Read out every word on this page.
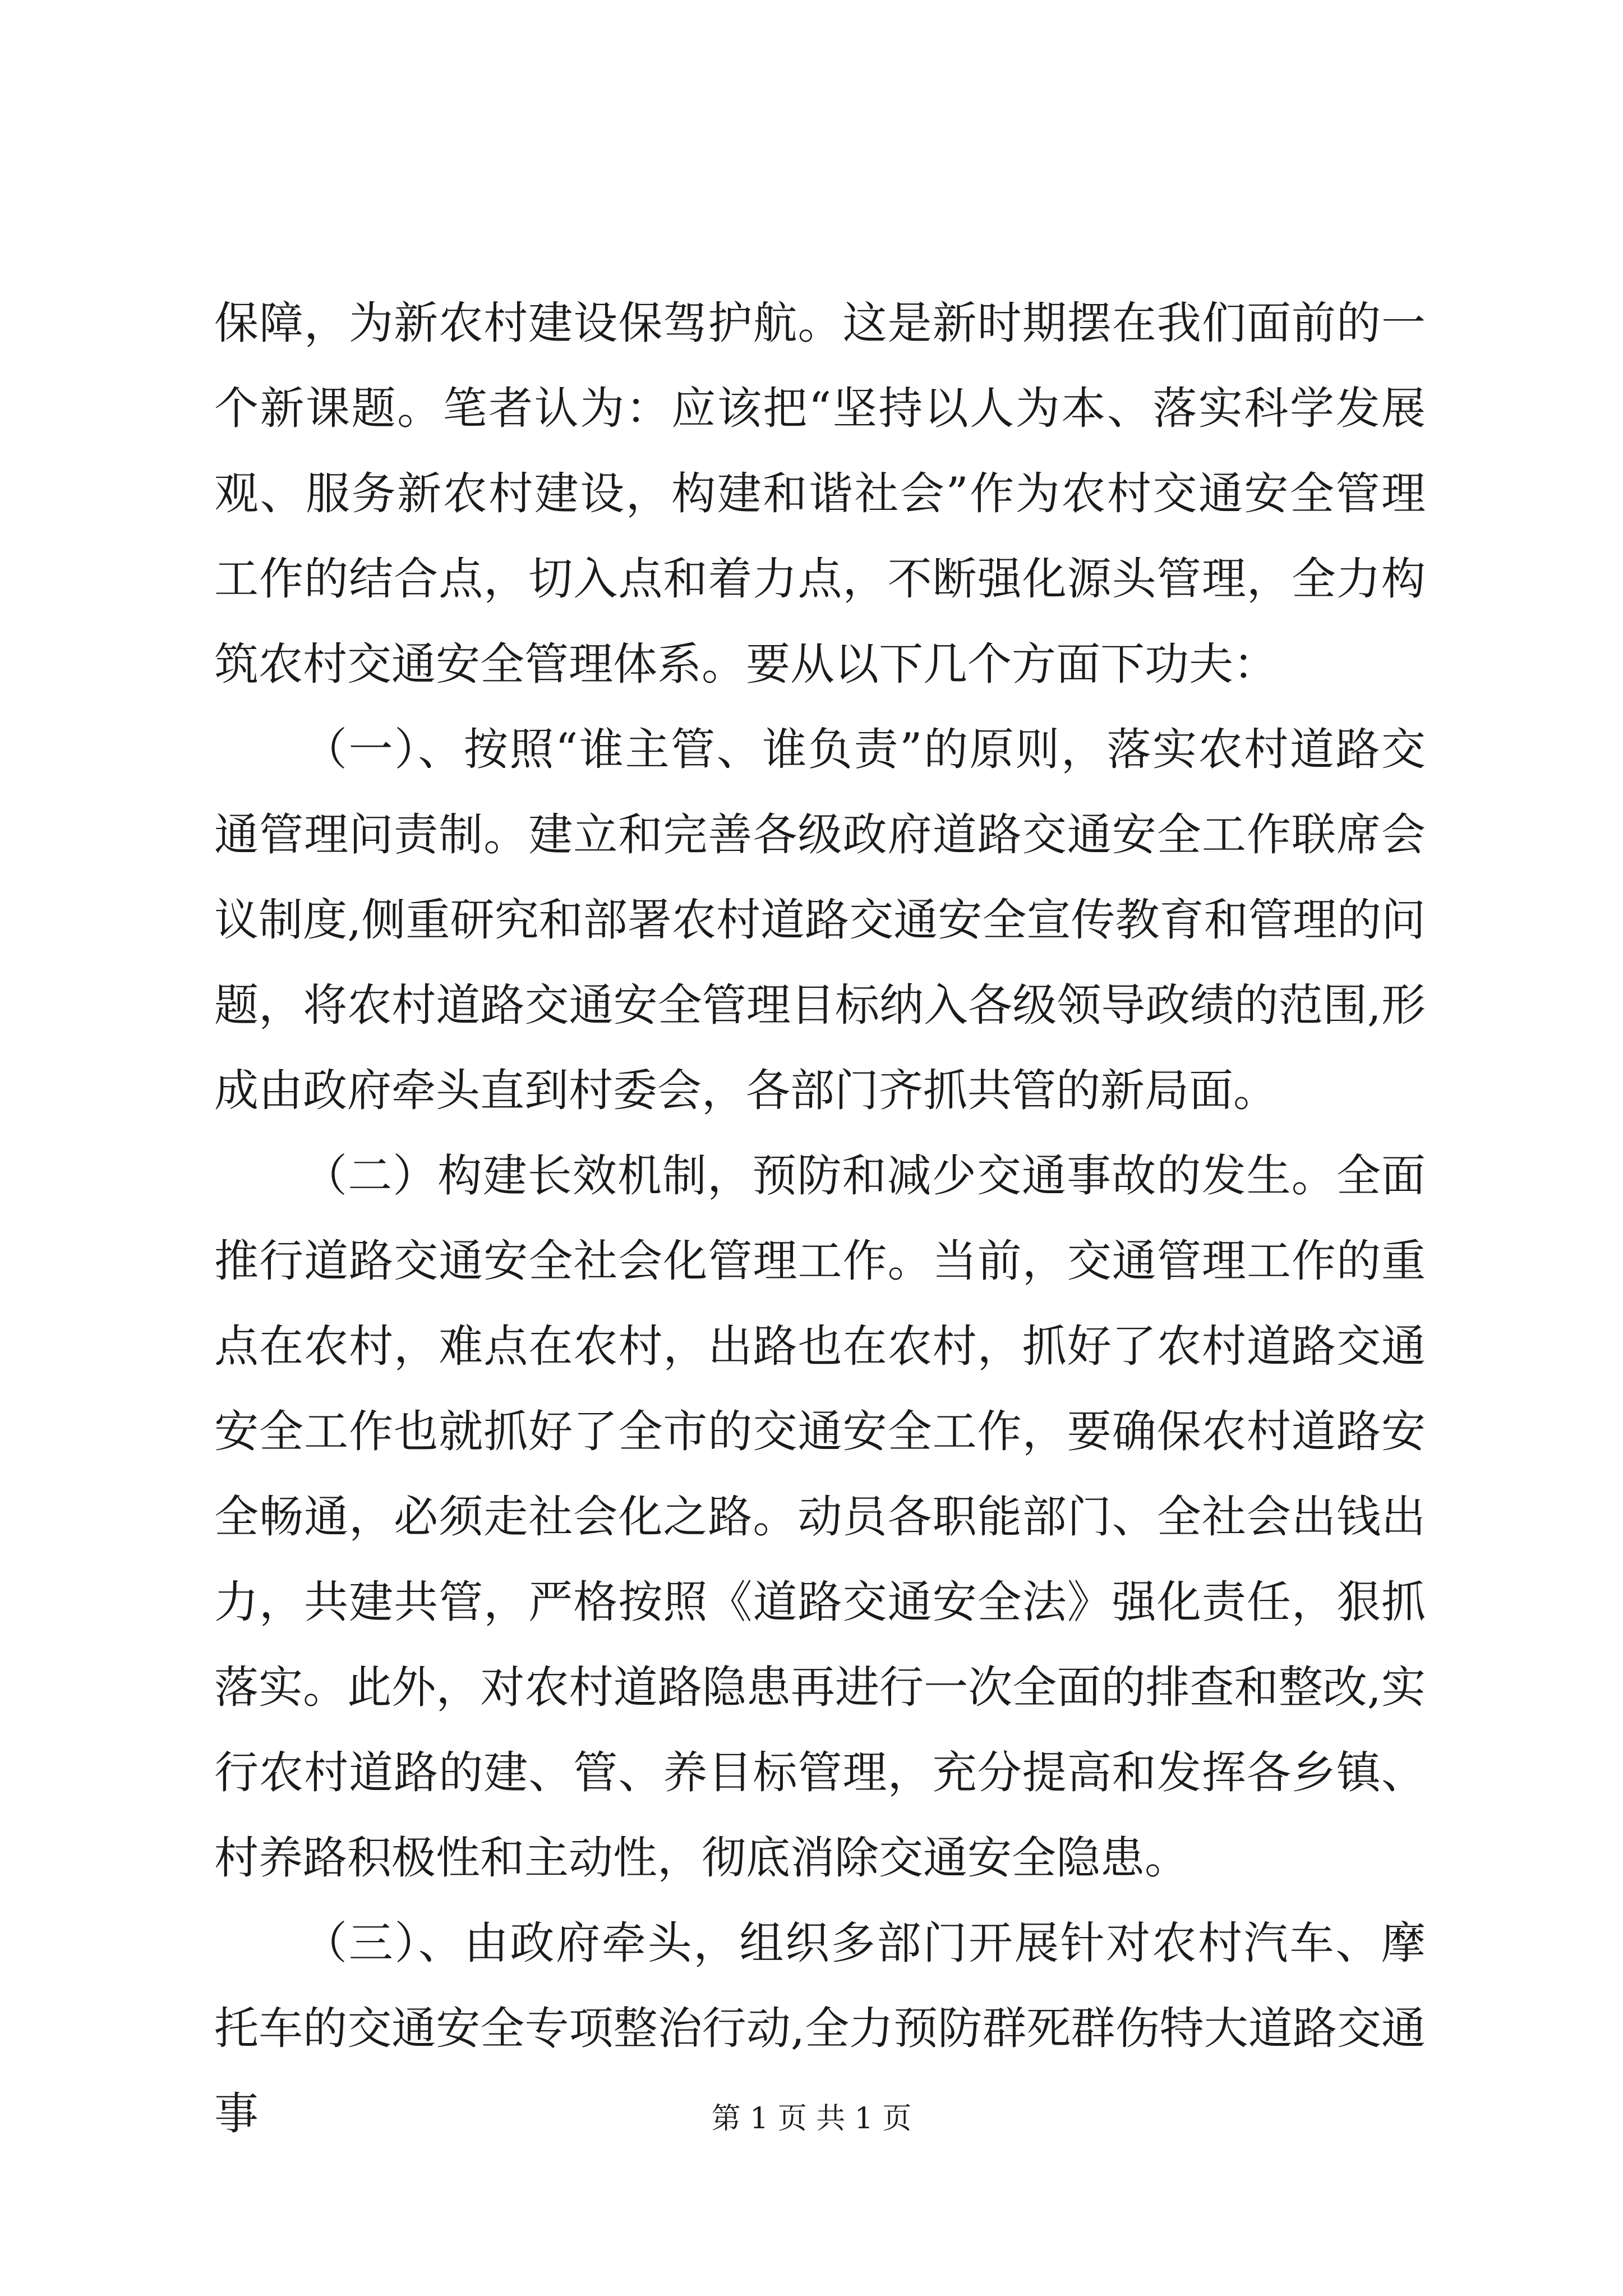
保障，为新农村建设保驾护航。这是新时期摆在我们面前的一个新课题。笔者认为：应该把“坚持以人为本、落实科学发展观、服务新农村建设，构建和谐社会”作为农村交通安全管理工作的结合点，切入点和着力点，不断强化源头管理，全力构筑农村交通安全管理体系。要从以下几个方面下功夫：

（一）、按照“谁主管、谁负责”的原则，落实农村道路交通管理问责制。建立和完善各级政府道路交通安全工作联席会议制度,侧重研究和部署农村道路交通安全宣传教育和管理的问题，将农村道路交通安全管理目标纳入各级领导政绩的范围,形成由政府牵头直到村委会，各部门齐抓共管的新局面。

（二）构建长效机制，预防和减少交通事故的发生。全面推行道路交通安全社会化管理工作。当前，交通管理工作的重点在农村，难点在农村，出路也在农村，抓好了农村道路交通安全工作也就抓好了全市的交通安全工作，要确保农村道路安全畅通，必须走社会化之路。动员各职能部门、全社会出钱出力，共建共管，严格按照《道路交通安全法》强化责任，狠抓落实。此外，对农村道路隐患再进行一次全面的排查和整改,实行农村道路的建、管、养目标管理，充分提高和发挥各乡镇、村养路积极性和主动性，彻底消除交通安全隐患。

（三）、由政府牵头，组织多部门开展针对农村汽车、摩托车的交通安全专项整治行动,全力预防群死群伤特大道路交通事	第 1 页 共 1 页
